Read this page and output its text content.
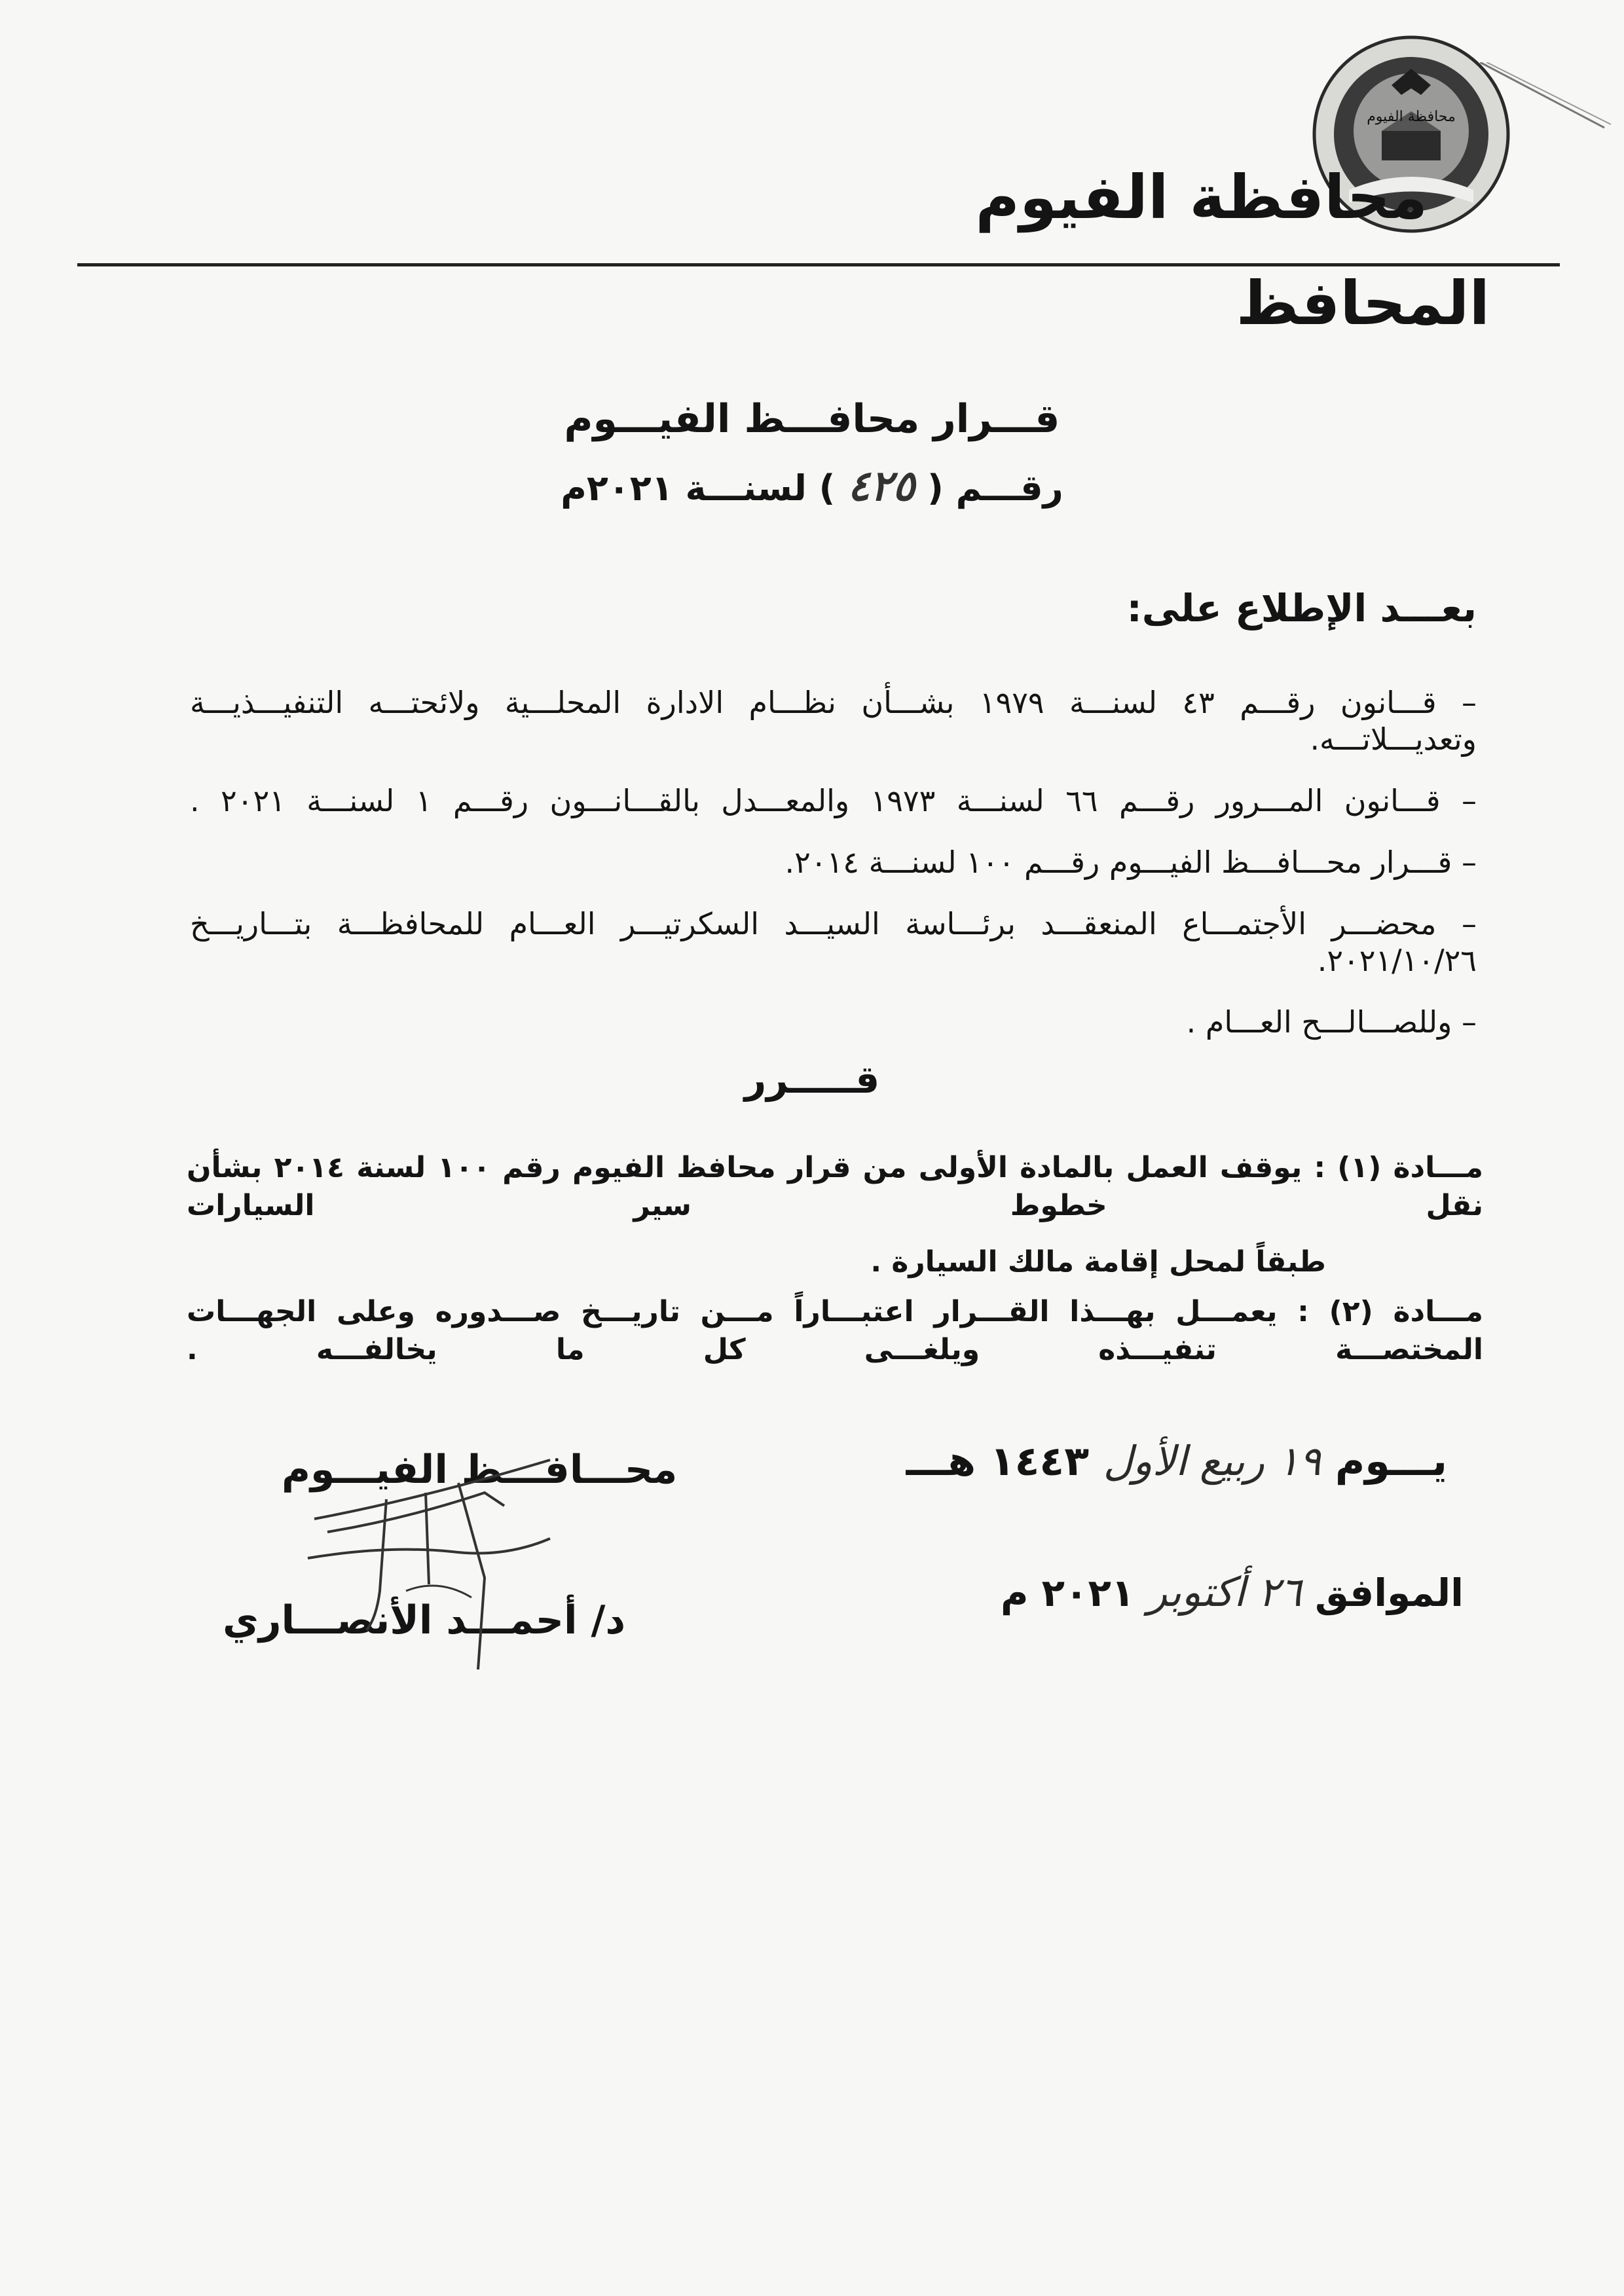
محافظة الفيوم
محافظة الفيوم
المحافظ
قـــرار محافـــظ الفيـــوم
رقـــم ( ٤٢٥ ) لسنـــة ٢٠٢١م
بعـــد الإطلاع على:
– قـــانون رقـــم ٤٣ لسنـــة ١٩٧٩ بشـــأن نظـــام الادارة المحلـــية ولائحتـــه التنفيـــذيـــة وتعديـــلاتـــه.
– قـــانون المـــرور رقـــم ٦٦ لسنـــة ١٩٧٣ والمعـــدل بالقـــانـــون رقـــم ١ لسنـــة ٢٠٢١ .
– قـــرار محـــافـــظ الفيـــوم رقـــم ١٠٠ لسنـــة ٢٠١٤.
– محضـــر الأجتمـــاع المنعقـــد برئـــاسة السيـــد السكرتيـــر العـــام للمحافظـــة بتـــاريـــخ ٢٠٢١/١٠/٢٦.
– وللصـــالـــح العـــام .
قـــــرر
مـــادة (١) : يوقف العمل بالمادة الأولى من قرار محافظ الفيوم رقم ١٠٠ لسنة ٢٠١٤ بشأن نقل خطوط سير السيارات
طبقاً لمحل إقامة مالك السيارة .
مـــادة (٢) : يعمـــل بهـــذا القـــرار اعتبـــاراً مـــن تاريـــخ صـــدوره وعلى الجهـــات المختصـــة تنفيـــذه ويلغـــى كل ما يخالفـــه .
يـــوم ١٩ ربيع الأول ١٤٤٣ هـــ
الموافق ٢٦ أكتوبر ٢٠٢١ م
محـــافـــظ الفيـــوم
د/ أحمـــد الأنصـــاري
